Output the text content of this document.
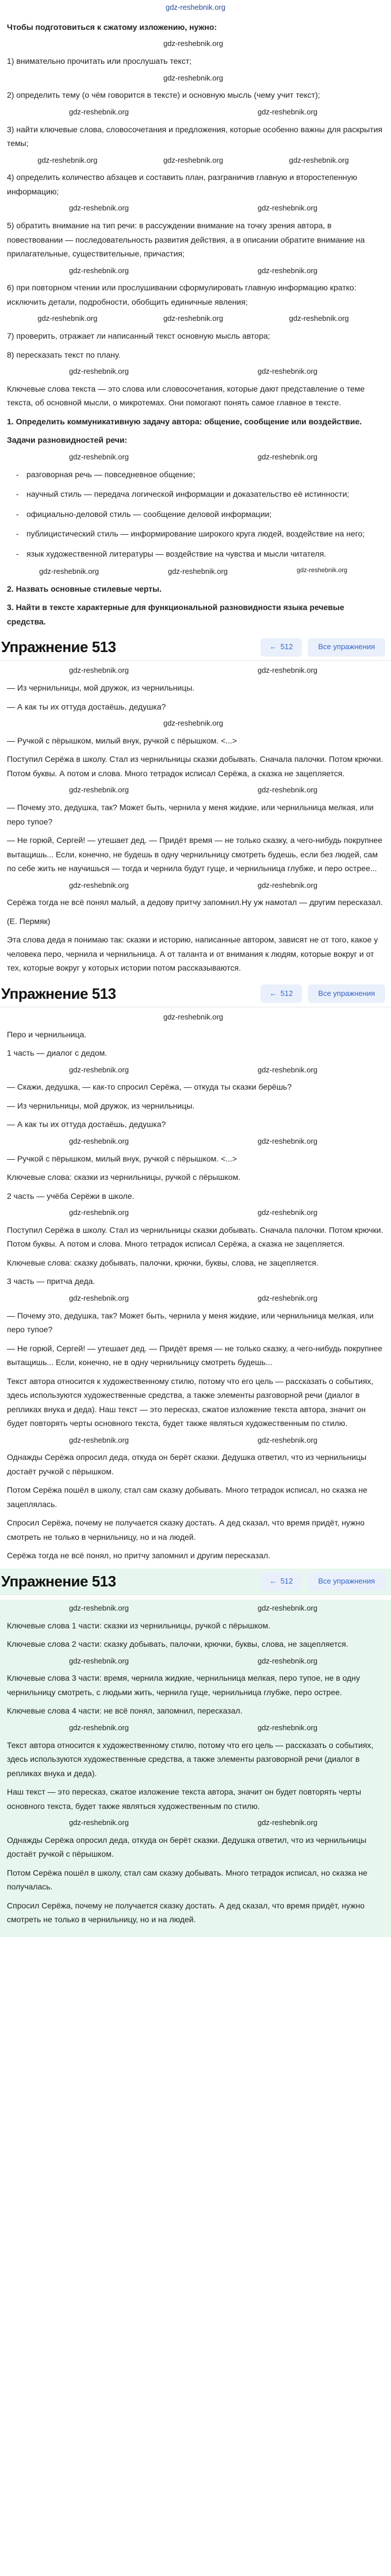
gdz-reshebnik.org

Чтобы подготовиться к сжатому изложению, нужно:

gdz-reshebnik.org

1) внимательно прочитать или прослушать текст;

gdz-reshebnik.org

2) определить тему (о чём говорится в тексте) и основную мысль (чему учит текст);

gdz-reshebnik.org	gdz-reshebnik.org

3) найти ключевые слова, словосочетания и предложения, которые особенно важны для раскрытия темы;

gdz-reshebnik.org	gdz-reshebnik.org	gdz-reshebnik.org

4) определить количество абзацев и составить план, разграничив главную и второстепенную информацию;

gdz-reshebnik.org	gdz-reshebnik.org

5) обратить внимание на тип речи: в рассуждении внимание на точку зрения автора, в повествовании — последовательность развития действия, а в описании обратите внимание на прилагательные, существительные, причастия;

gdz-reshebnik.org	gdz-reshebnik.org

6) при повторном чтении или прослушивании сформулировать главную информацию кратко: исключить детали, подробности, обобщить единичные явления;

gdz-reshebnik.org	gdz-reshebnik.org	gdz-reshebnik.org

7) проверить, отражает ли написанный текст основную мысль автора;

8) пересказать текст по плану.

gdz-reshebnik.org	gdz-reshebnik.org

Ключевые слова текста — это слова или словосочетания, которые дают представление о теме текста, об основной мысли, о микротемах. Они помогают понять самое главное в тексте.

1. Определить коммуникативную задачу автора: общение, сообщение или воздействие.

Задачи разновидностей речи:

gdz-reshebnik.org	gdz-reshebnik.org
- разговорная речь — повседневное общение;
- научный стиль — передача логической информации и доказательство её истинности;
- официально-деловой стиль — сообщение деловой информации;
- публицистический стиль — информирование широкого круга людей, воздействие на него;
- язык художественной литературы — воздействие на чувства и мысли читателя.
gdz-reshebnik.org	gdz-reshebnik.org	gdz-reshebnik.org

2. Назвать основные стилевые черты.

3. Найти в тексте характерные для функциональной разновидности языка речевые средства.

Упражнение 513	← 512	Все упражнения
gdz-reshebnik.org	gdz-reshebnik.org

— Из чернильницы, мой дружок, из чернильницы.

— А как ты их оттуда достаёшь, дедушка?

gdz-reshebnik.org

— Ручкой с пёрышком, милый внук, ручкой с пёрышком. <...>

Поступил Серёжа в школу. Стал из чернильницы сказки добывать. Сначала палочки. Потом крючки. Потом буквы. А потом и слова. Много тетрадок исписал Серёжа, а сказка не зацепляется.

gdz-reshebnik.org	gdz-reshebnik.org

— Почему это, дедушка, так? Может быть, чернила у меня жидкие, или чернильница мелкая, или перо тупое?

— Не горюй, Сергей! — утешает дед. — Придёт время — не только сказку, а чего-нибудь покрупнее вытащишь... Если, конечно, не будешь в одну чернильницу смотреть будешь, если без людей, сам по себе жить не научишься — тогда и чернила будут гуще, и чернильница глубже, и перо острее...

gdz-reshebnik.org	gdz-reshebnik.org

Серёжа тогда не всё понял малый, а дедову притчу запомнил.Ну уж намотал — другим пересказал.

(Е. Пермяк)

Эта слова деда я понимаю так: сказки и историю, написанные автором, зависят не от того, какое у человека перо, чернила и чернильница. А от таланта и от внимания к людям, которые вокруг и от тех, которые вокруг у которых истории потом рассказываются.

Упражнение 513	← 512	Все упражнения
gdz-reshebnik.org

Перо и чернильница.

1 часть — диалог с дедом.

gdz-reshebnik.org	gdz-reshebnik.org

— Скажи, дедушка, — как-то спросил Серёжа, — откуда ты сказки берёшь?

— Из чернильницы, мой дружок, из чернильницы.

— А как ты их оттуда достаёшь, дедушка?

gdz-reshebnik.org	gdz-reshebnik.org

— Ручкой с пёрышком, милый внук, ручкой с пёрышком. <...>

Ключевые слова: сказки из чернильницы, ручкой с пёрышком.

2 часть — учёба Серёжи в школе.

gdz-reshebnik.org	gdz-reshebnik.org

Поступил Серёжа в школу. Стал из чернильницы сказки добывать. Сначала палочки. Потом крючки. Потом буквы. А потом и слова. Много тетрадок исписал Серёжа, а сказка не зацепляется.

Ключевые слова: сказку добывать, палочки, крючки, буквы, слова, не зацепляется.

3 часть — притча деда.

gdz-reshebnik.org	gdz-reshebnik.org

— Почему это, дедушка, так? Может быть, чернила у меня жидкие, или чернильница мелкая, или перо тупое?

— Не горюй, Сергей! — утешает дед. — Придёт время — не только сказку, а чего-нибудь покрупнее вытащишь... Если, конечно, не в одну чернильницу смотреть будешь...

Текст автора относится к художественному стилю, потому что его цель — рассказать о событиях, здесь используются художественные средства, а также элементы разговорной речи (диалог в репликах внука и деда). Наш текст — это пересказ, сжатое изложение текста автора, значит он будет повторять черты основного текста, будет также являться художественным по стилю.

gdz-reshebnik.org	gdz-reshebnik.org

Однажды Серёжа опросил деда, откуда он берёт сказки. Дедушка ответил, что из чернильницы достаёт ручкой с пёрышком.

Потом Серёжа пошёл в школу, стал сам сказку добывать. Много тетрадок исписал, но сказка не зацеплялась.

Спросил Серёжа, почему не получается сказку достать. А дед сказал, что время придёт, нужно смотреть не только в чернильницу, но и на людей.

Серёжа тогда не всё понял, но притчу запомнил и другим пересказал.

Упражнение 513	← 512	Все упражнения
gdz-reshebnik.org	gdz-reshebnik.org

Ключевые слова 1 части: сказки из чернильницы, ручкой с пёрышком.

Ключевые слова 2 части: сказку добывать, палочки, крючки, буквы, слова, не зацепляется.

gdz-reshebnik.org	gdz-reshebnik.org

Ключевые слова 3 части: время, чернила жидкие, чернильница мелкая, перо тупое, не в одну чернильницу смотреть, с людьми жить, чернила гуще, чернильница глубже, перо острее.

Ключевые слова 4 части: не всё понял, запомнил, пересказал.

gdz-reshebnik.org	gdz-reshebnik.org

Текст автора относится к художественному стилю, потому что его цель — рассказать о событиях, здесь используются художественные средства, а также элементы разговорной речи (диалог в репликах внука и деда).

Наш текст — это пересказ, сжатое изложение текста автора, значит он будет повторять черты основного текста, будет также являться художественным по стилю.

gdz-reshebnik.org	gdz-reshebnik.org

Однажды Серёжа опросил деда, откуда он берёт сказки. Дедушка ответил, что из чернильницы достаёт ручкой с пёрышком.

Потом Серёжа пошёл в школу, стал сам сказку добывать. Много тетрадок исписал, но сказка не получалась.

Спросил Серёжа, почему не получается сказку достать. А дед сказал, что время придёт, нужно смотреть не только в чернильницу, но и на людей.
